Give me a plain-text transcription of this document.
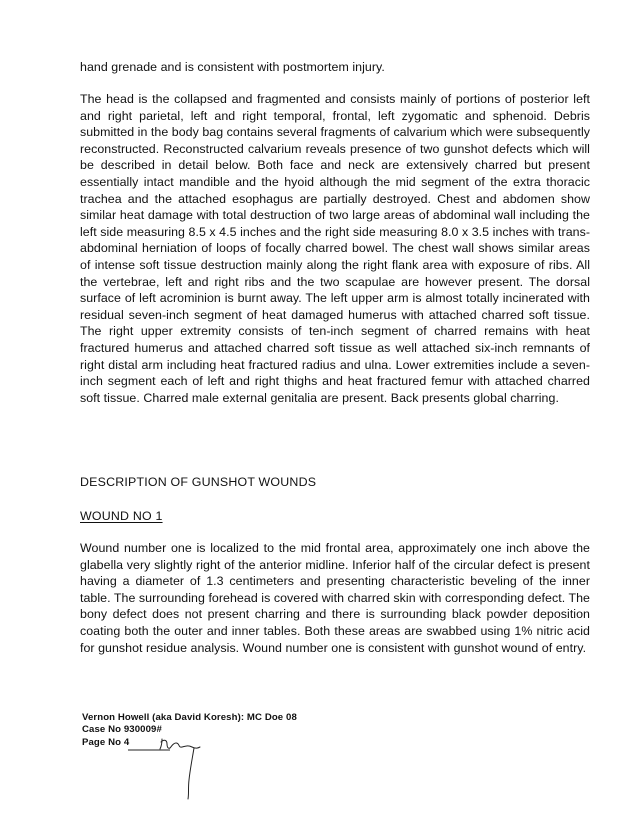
hand grenade and is consistent with postmortem injury.

The head is the collapsed and fragmented and consists mainly of portions of posterior left and right parietal, left and right temporal, frontal, left zygomatic and sphenoid. Debris submitted in the body bag contains several fragments of calvarium which were subsequently reconstructed. Reconstructed calvarium reveals presence of two gunshot defects which will be described in detail below. Both face and neck are extensively charred but present essentially intact mandible and the hyoid although the mid segment of the extra thoracic trachea and the attached esophagus are partially destroyed. Chest and abdomen show similar heat damage with total destruction of two large areas of abdominal wall including the left side measuring 8.5 x 4.5 inches and the right side measuring 8.0 x 3.5 inches with trans-abdominal herniation of loops of focally charred bowel. The chest wall shows similar areas of intense soft tissue destruction mainly along the right flank area with exposure of ribs. All the vertebrae, left and right ribs and the two scapulae are however present. The dorsal surface of left acrominion is burnt away. The left upper arm is almost totally incinerated with residual seven-inch segment of heat damaged humerus with attached charred soft tissue. The right upper extremity consists of ten-inch segment of charred remains with heat fractured humerus and attached charred soft tissue as well attached six-inch remnants of right distal arm including heat fractured radius and ulna. Lower extremities include a seven-inch segment each of left and right thighs and heat fractured femur with attached charred soft tissue. Charred male external genitalia are present. Back presents global charring.

DESCRIPTION OF GUNSHOT WOUNDS

WOUND NO 1

Wound number one is localized to the mid frontal area, approximately one inch above the glabella very slightly right of the anterior midline. Inferior half of the circular defect is present having a diameter of 1.3 centimeters and presenting characteristic beveling of the inner table. The surrounding forehead is covered with charred skin with corresponding defect. The bony defect does not present charring and there is surrounding black powder deposition coating both the outer and inner tables. Both these areas are swabbed using 1% nitric acid for gunshot residue analysis. Wound number one is consistent with gunshot wound of entry.

Vernon Howell (aka David Koresh): MC Doe 08
Case No 930009#
Page No 4
